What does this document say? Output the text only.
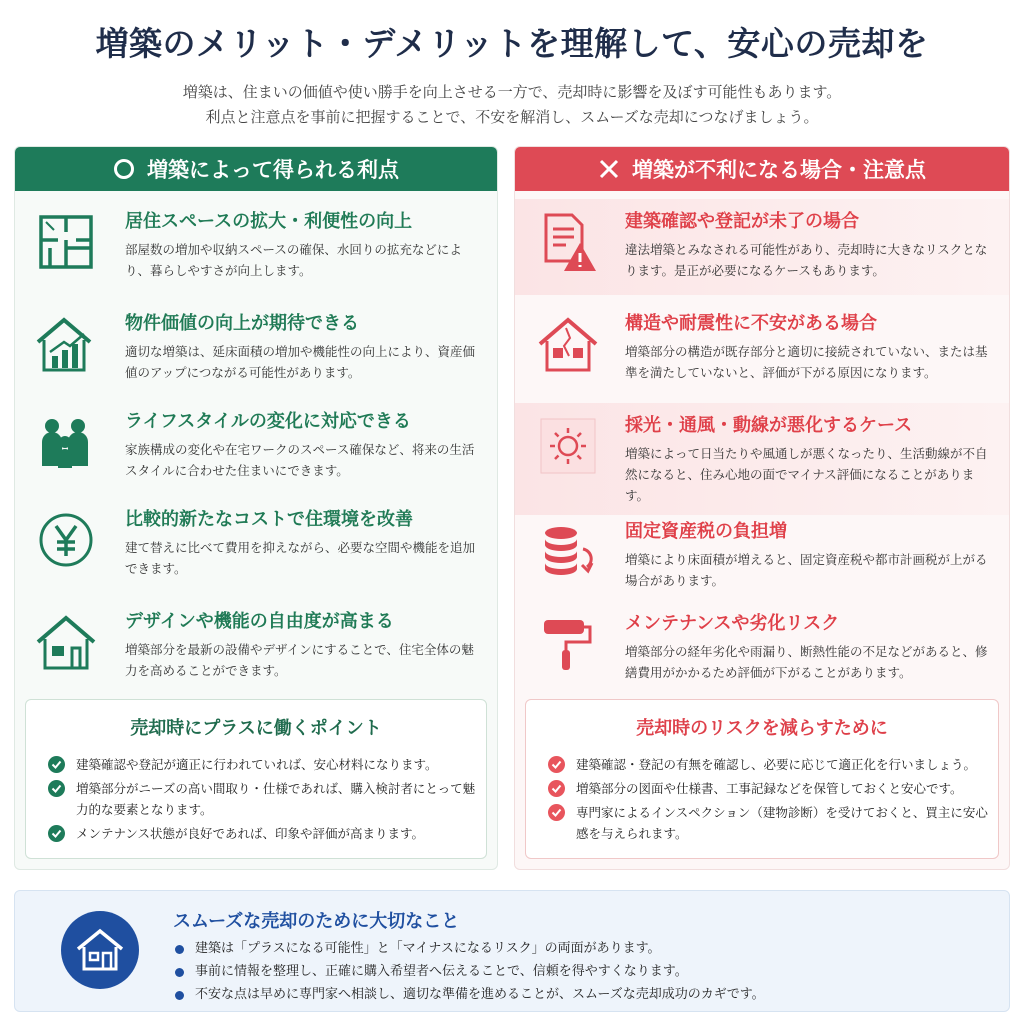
増築のメリット・デメリットを理解して、安心の売却を
増築は、住まいの価値や使い勝手を向上させる一方で、売却時に影響を及ぼす可能性もあります。
利点と注意点を事前に把握することで、不安を解消し、スムーズな売却につなげましょう。
増築によって得られる利点
居住スペースの拡大・利便性の向上
部屋数の増加や収納スペースの確保、水回りの拡充などにより、暮らしやすさが向上します。
物件価値の向上が期待できる
適切な増築は、延床面積の増加や機能性の向上により、資産価値のアップにつながる可能性があります。
ライフスタイルの変化に対応できる
家族構成の変化や在宅ワークのスペース確保など、将来の生活スタイルに合わせた住まいにできます。
比較的新たなコストで住環境を改善
建て替えに比べて費用を抑えながら、必要な空間や機能を追加できます。
デザインや機能の自由度が高まる
増築部分を最新の設備やデザインにすることで、住宅全体の魅力を高めることができます。
売却時にプラスに働くポイント
建築確認や登記が適正に行われていれば、安心材料になります。
増築部分がニーズの高い間取り・仕様であれば、購入検討者にとって魅力的な要素となります。
メンテナンス状態が良好であれば、印象や評価が高まります。
増築が不利になる場合・注意点
建築確認や登記が未了の場合
違法増築とみなされる可能性があり、売却時に大きなリスクとなります。是正が必要になるケースもあります。
構造や耐震性に不安がある場合
増築部分の構造が既存部分と適切に接続されていない、または基準を満たしていないと、評価が下がる原因になります。
採光・通風・動線が悪化するケース
増築によって日当たりや風通しが悪くなったり、生活動線が不自然になると、住み心地の面でマイナス評価になることがあります。
固定資産税の負担増
増築により床面積が増えると、固定資産税や都市計画税が上がる場合があります。
メンテナンスや劣化リスク
増築部分の経年劣化や雨漏り、断熱性能の不足などがあると、修繕費用がかかるため評価が下がることがあります。
売却時のリスクを減らすために
建築確認・登記の有無を確認し、必要に応じて適正化を行いましょう。
増築部分の図面や仕様書、工事記録などを保管しておくと安心です。
専門家によるインスペクション（建物診断）を受けておくと、買主に安心感を与えられます。
スムーズな売却のために大切なこと
建築は「プラスになる可能性」と「マイナスになるリスク」の両面があります。
事前に情報を整理し、正確に購入希望者へ伝えることで、信頼を得やすくなります。
不安な点は早めに専門家へ相談し、適切な準備を進めることが、スムーズな売却成功のカギです。
